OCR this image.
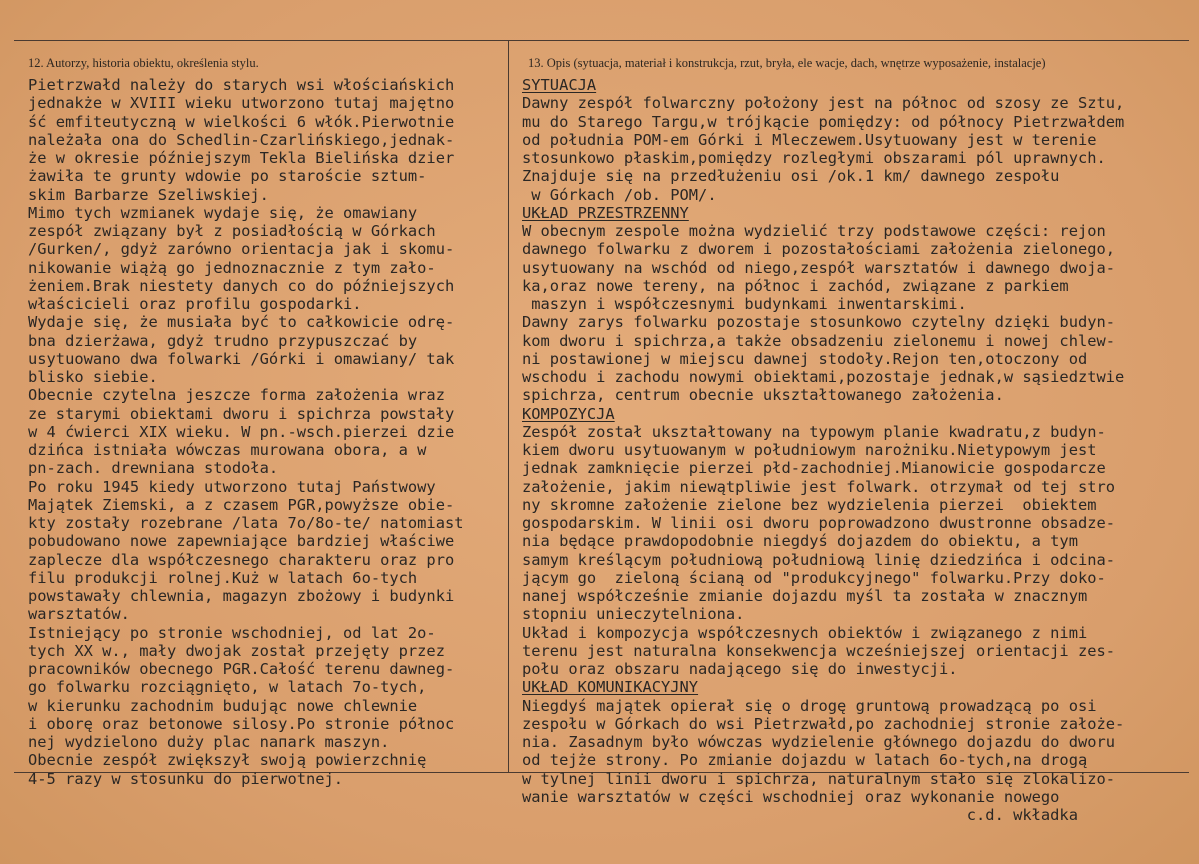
12. Autorzy, historia obiektu, określenia stylu.	13. Opis (sytuacja, materiał i konstrukcja, rzut, bryła, ele wacje, dach, wnętrze wyposażenie, instalacje)
Pietrzwałd należy do starych wsi włościańskich
jednakże w XVIII wieku utworzono tutaj majętno
ść emfiteutyczną w wielkości 6 włók.Pierwotnie
należała ona do Schedlin-Czarlińskiego,jednak-
że w okresie późniejszym Tekla Bielińska dzier
żawiła te grunty wdowie po staroście sztum-
skim Barbarze Szeliwskiej.
Mimo tych wzmianek wydaje się, że omawiany
zespół związany był z posiadłością w Górkach
/Gurken/, gdyż zarówno orientacja jak i skomu-
nikowanie wiążą go jednoznacznie z tym zało-
żeniem.Brak niestety danych co do późniejszych
właścicieli oraz profilu gospodarki.
Wydaje się, że musiała być to całkowicie odrę-
bna dzierżawa, gdyż trudno przypuszczać by
usytuowano dwa folwarki /Górki i omawiany/ tak
blisko siebie.
Obecnie czytelna jeszcze forma założenia wraz
ze starymi obiektami dworu i spichrza powstały
w 4 ćwierci XIX wieku. W pn.-wsch.pierzei dzie
dzińca istniała wówczas murowana obora, a w
pn-zach. drewniana stodoła.
Po roku 1945 kiedy utworzono tutaj Państwowy
Majątek Ziemski, a z czasem PGR,powyższe obie-
kty zostały rozebrane /lata 7o/8o-te/ natomiast
pobudowano nowe zapewniające bardziej właściwe
zaplecze dla współczesnego charakteru oraz pro
filu produkcji rolnej.Kuż w latach 6o-tych
powstawały chlewnia, magazyn zbożowy i budynki
warsztatów.
Istniejący po stronie wschodniej, od lat 2o-
tych XX w., mały dwojak został przejęty przez
pracowników obecnego PGR.Całość terenu dawneg-
go folwarku rozciągnięto, w latach 7o-tych,
w kierunku zachodnim budując nowe chlewnie
i oborę oraz betonowe silosy.Po stronie północ
nej wydzielono duży plac naпark maszyn.
Obecnie zespół zwiększył swoją powierzchnię
4-5 razy w stosunku do pierwotnej.
SYTUACJA
Dawny zespół folwarczny położony jest na północ od szosy ze Sztu,
mu do Starego Targu,w trójkącie pomiędzy: od północy Pietrzwałdem
od południa POM-em Górki i Mleczewem.Usytuowany jest w terenie
stosunkowo płaskim,pomiędzy rozległymi obszarami pól uprawnych.
Znajduje się na przedłużeniu osi /ok.1 km/ dawnego zespołu
w Górkach /ob. POM/.
UKŁAD PRZESTRZENNY
W obecnym zespole można wydzielić trzy podstawowe części: rejon
dawnego folwarku z dworem i pozostałościami założenia zielonego,
usytuowany na wschód od niego,zespół warsztatów i dawnego dwoja-
ka,oraz nowe tereny, na północ i zachód, związane z parkiem
maszyn i współczesnymi budynkami inwentarskimi.
Dawny zarys folwarku pozostaje stosunkowo czytelny dzięki budyn-
kom dworu i spichrza,a także obsadzeniu zielonemu i nowej chlew-
ni postawionej w miejscu dawnej stodoły.Rejon ten,otoczony od
wschodu i zachodu nowymi obiektami,pozostaje jednak,w sąsiedztwie
spichrza, centrum obecnie ukształtowanego założenia.
KOMPOZYCJA
Zespół został ukształtowany na typowym planie kwadratu,z budyn-
kiem dworu usytuowanym w południowym narożniku.Nietypowym jest
jednak zamknięcie pierzei płd-zachodniej.Mianowicie gospodarcze
założenie, jakim niewątpliwie jest folwark. otrzymał od tej stro
ny skromne założenie zielone bez wydzielenia pierzei  obiektem
gospodarskim. W linii osi dworu poprowadzono dwustronne obsadze-
nia będące prawdopodobnie niegdyś dojazdem do obiektu, a tym
samym kreślącym południową południową linię dziedzińca i odcina-
jącym go  zieloną ścianą od "produkcyjnego" folwarku.Przy doko-
nanej współcześnie zmianie dojazdu myśl ta została w znacznym
stopniu unieczytelniona.
Układ i kompozycja współczesnych obiektów i związanego z nimi
terenu jest naturalna konsekwencja wcześniejszej orientacji zes-
połu oraz obszaru nadającego się do inwestycji.
UKŁAD KOMUNIKACYJNY
Niegdyś majątek opierał się o drogę gruntową prowadzącą po osi
zespołu w Górkach do wsi Pietrzwałd,po zachodniej stronie założe-
nia. Zasadnym było wówczas wydzielenie głównego dojazdu do dworu
od tejże strony. Po zmianie dojazdu w latach 6o-tych,na drogą
w tylnej linii dworu i spichrza, naturalnym stało się zlokalizo-
wanie warsztatów w części wschodniej oraz wykonanie nowego
c.d. wkładka
